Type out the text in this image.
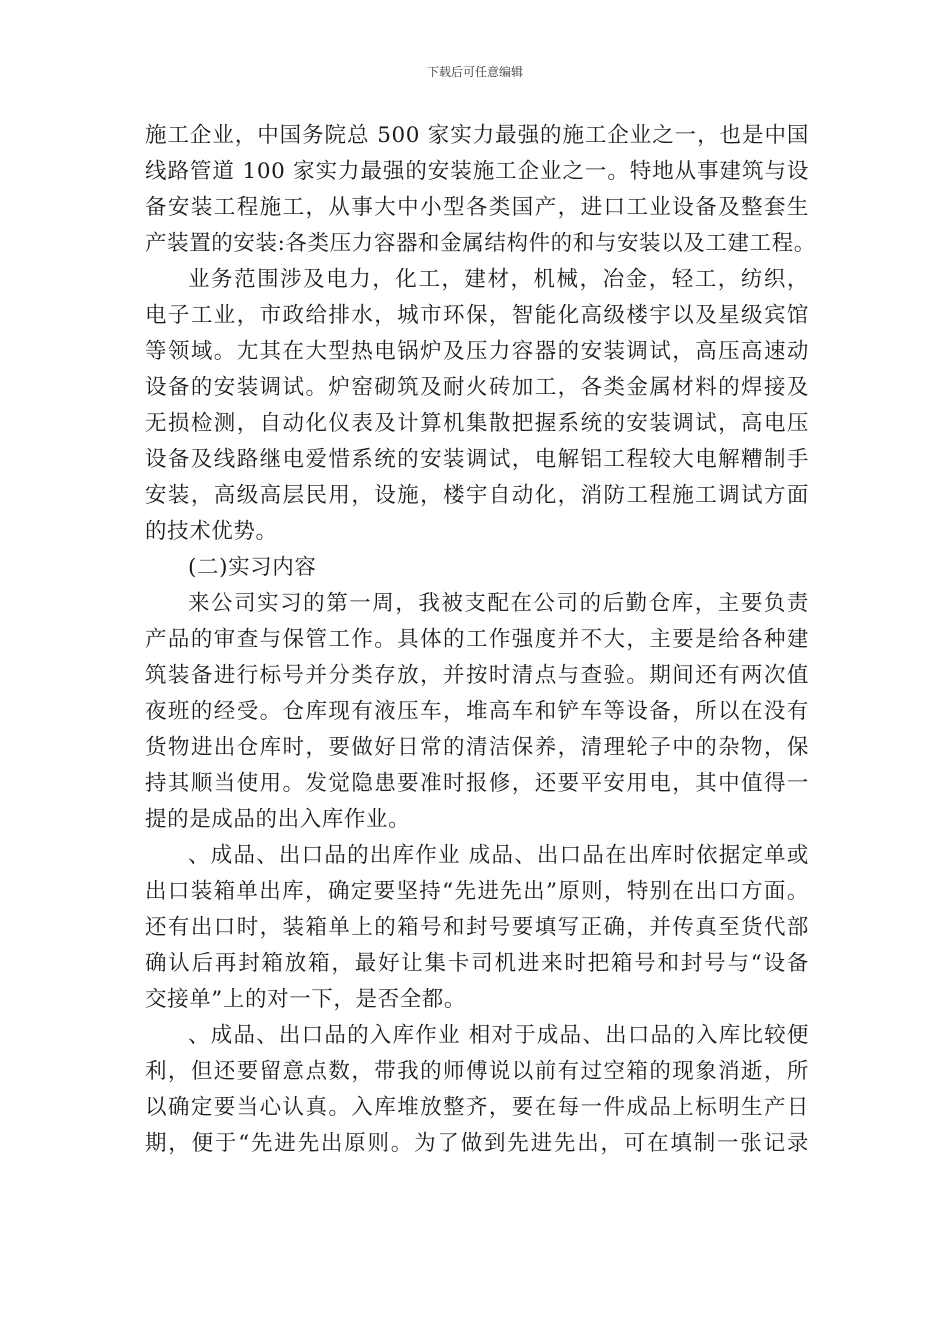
下载后可任意编辑
施工企业，中国务院总 500 家实力最强的施工企业之一，也是中国
线路管道 100 家实力最强的安装施工企业之一。特地从事建筑与设
备安装工程施工，从事大中小型各类国产，进口工业设备及整套生
产装置的安装:各类压力容器和金属结构件的和与安装以及工建工程。
业务范围涉及电力，化工，建材，机械，冶金，轻工，纺织，
电子工业，市政给排水，城市环保，智能化高级楼宇以及星级宾馆
等领域。尢其在大型热电锅炉及压力容器的安装调试，高压高速动
设备的安装调试。炉窑砌筑及耐火砖加工，各类金属材料的焊接及
无损检测，自动化仪表及计算机集散把握系统的安装调试，高电压
设备及线路继电爱惜系统的安装调试，电解铝工程较大电解糟制手
安装，高级高层民用，设施，楼宇自动化，消防工程施工调试方面
的技术优势。
(二)实习内容
来公司实习的第一周，我被支配在公司的后勤仓库，主要负责
产品的审查与保管工作。具体的工作强度并不大，主要是给各种建
筑装备进行标号并分类存放，并按时清点与查验。期间还有两次值
夜班的经受。仓库现有液压车，堆高车和铲车等设备，所以在没有
货物进出仓库时，要做好日常的清洁保养，清理轮子中的杂物，保
持其顺当使用。发觉隐患要准时报修，还要平安用电，其中值得一
提的是成品的出入库作业。
、成品、出口品的出库作业 成品、出口品在出库时依据定单或
出口装箱单出库，确定要坚持“先进先出”原则，特别在出口方面。
还有出口时，装箱单上的箱号和封号要填写正确，并传真至货代部
确认后再封箱放箱，最好让集卡司机进来时把箱号和封号与“设备
交接单”上的对一下，是否全都。
、成品、出口品的入库作业 相对于成品、出口品的入库比较便
利，但还要留意点数，带我的师傅说以前有过空箱的现象消逝，所
以确定要当心认真。入库堆放整齐，要在每一件成品上标明生产日
期，便于“先进先出原则。为了做到先进先出，可在填制一张记录
